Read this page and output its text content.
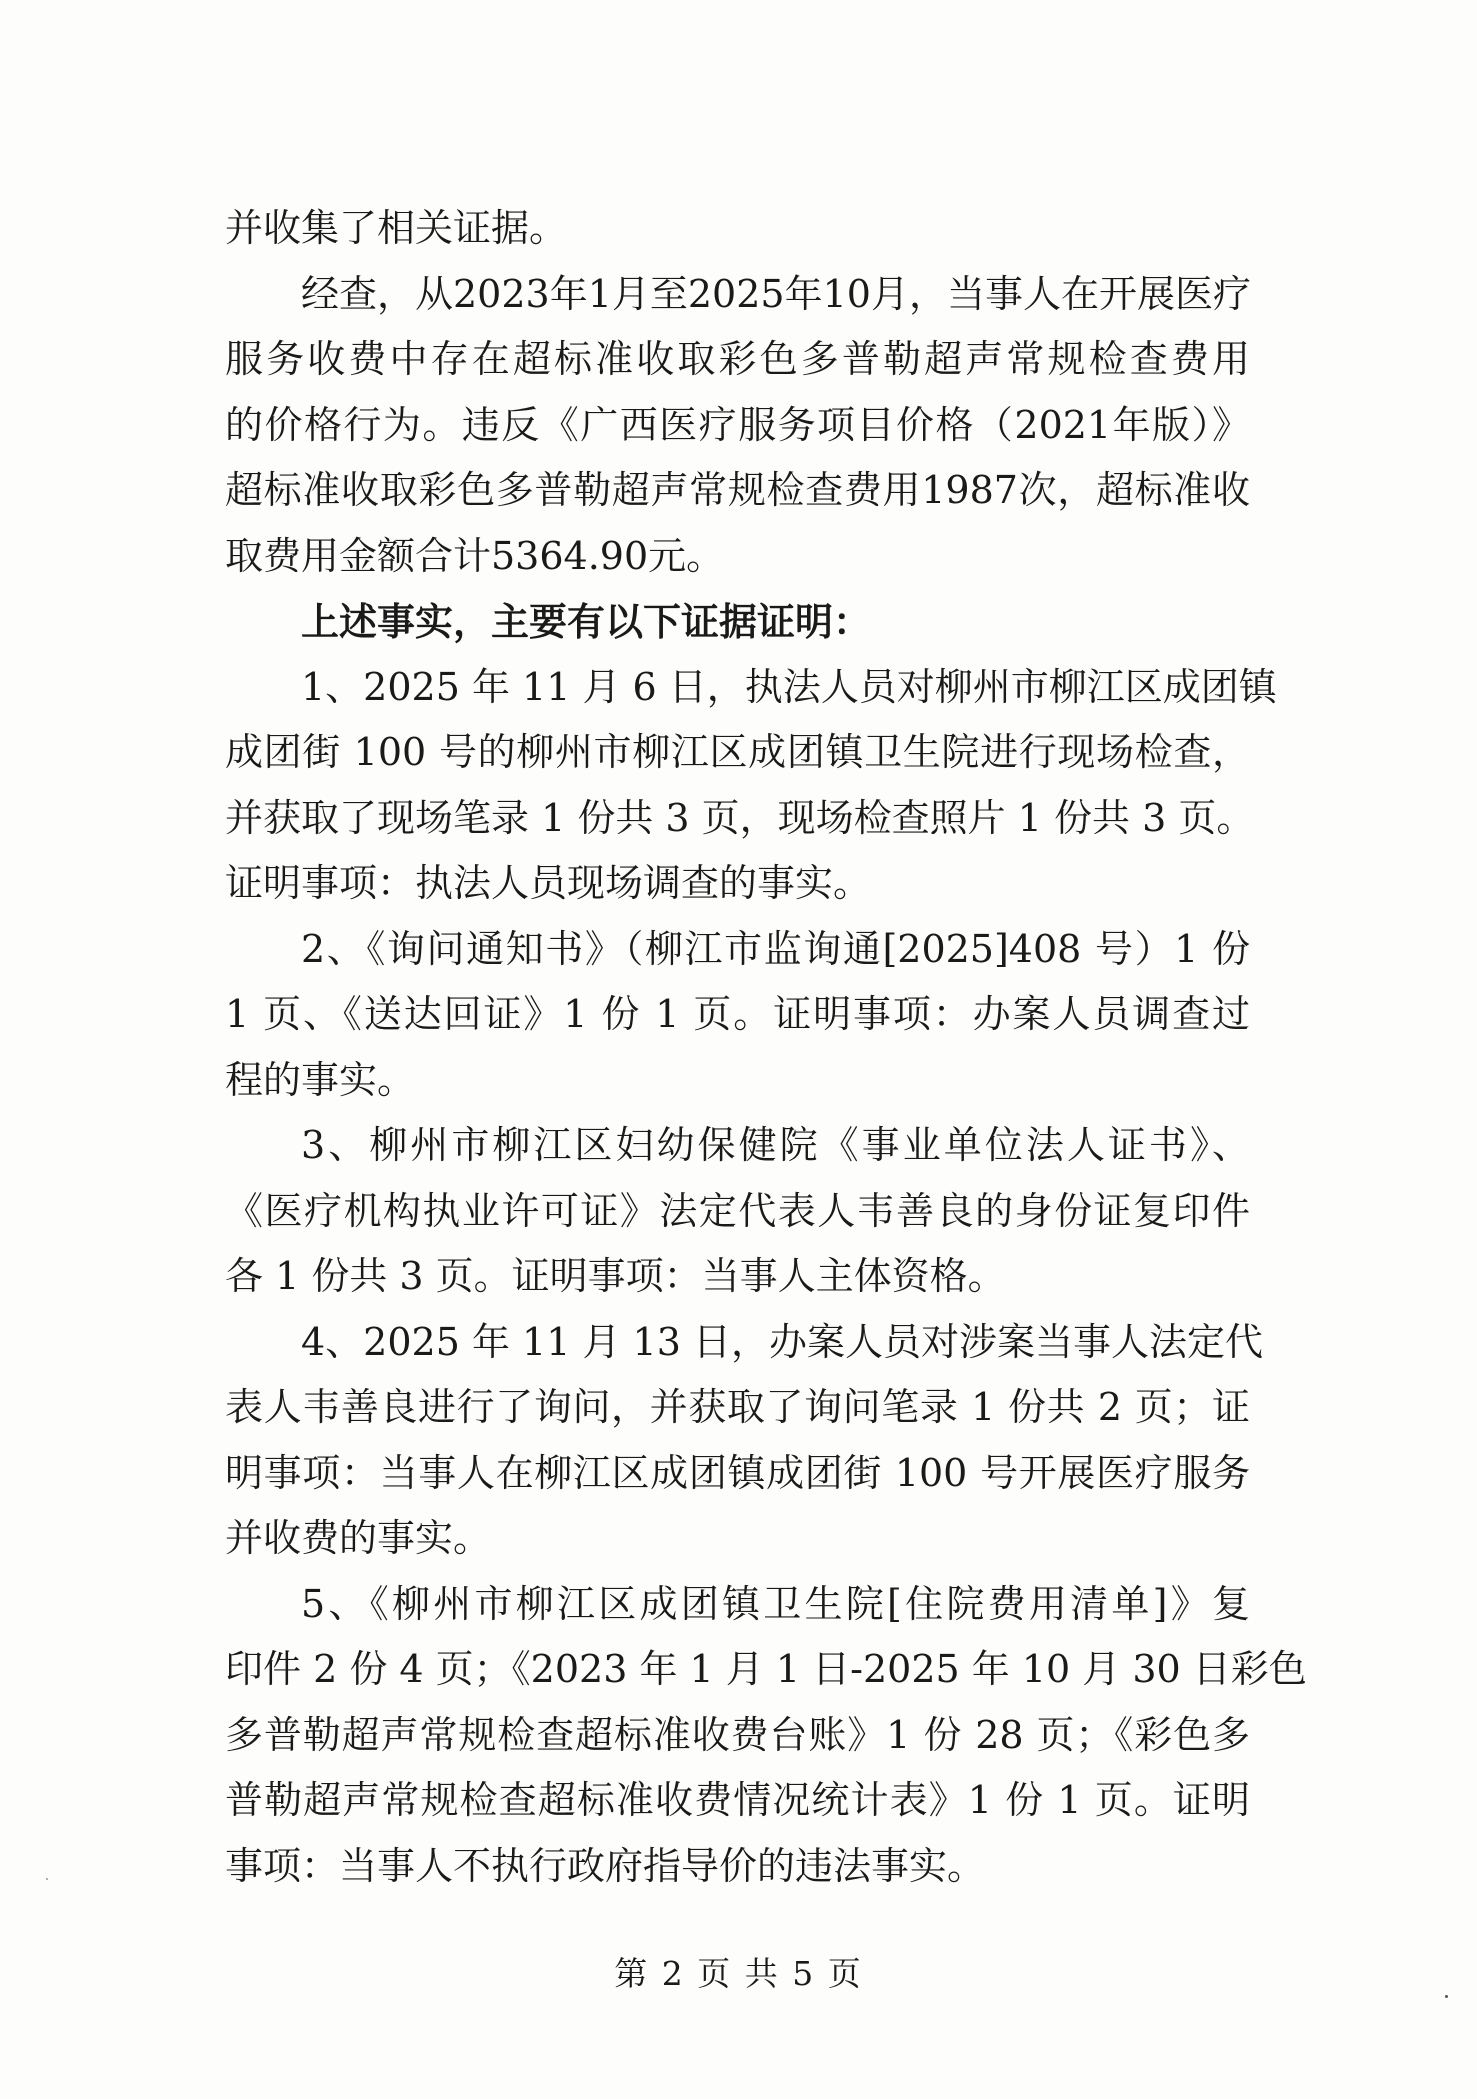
并收集了相关证据。
经查，从2023年1月至2025年10月，当事人在开展医疗
服务收费中存在超标准收取彩色多普勒超声常规检查费用
的价格行为。违反《广西医疗服务项目价格（2021年版）》
超标准收取彩色多普勒超声常规检查费用1987次，超标准收
取费用金额合计5364.90元。
上述事实，主要有以下证据证明：
1、2025 年 11 月 6 日，执法人员对柳州市柳江区成团镇
成团街 100 号的柳州市柳江区成团镇卫生院进行现场检查，
并获取了现场笔录 1 份共 3 页，现场检查照片 1 份共 3 页。
证明事项：执法人员现场调查的事实。
2、《询问通知书》（柳江市监询通[2025]408 号）1 份
1 页、《送达回证》1 份 1 页。证明事项：办案人员调查过
程的事实。
3、柳州市柳江区妇幼保健院《事业单位法人证书》、
《医疗机构执业许可证》法定代表人韦善良的身份证复印件
各 1 份共 3 页。证明事项：当事人主体资格。
4、2025 年 11 月 13 日，办案人员对涉案当事人法定代
表人韦善良进行了询问，并获取了询问笔录 1 份共 2 页；证
明事项：当事人在柳江区成团镇成团街 100 号开展医疗服务
并收费的事实。
5、《柳州市柳江区成团镇卫生院[住院费用清单]》复
印件 2 份 4 页；《2023 年 1 月 1 日-2025 年 10 月 30 日彩色
多普勒超声常规检查超标准收费台账》1 份 28 页；《彩色多
普勒超声常规检查超标准收费情况统计表》1 份 1 页。证明
事项：当事人不执行政府指导价的违法事实。
第 2 页 共 5 页
